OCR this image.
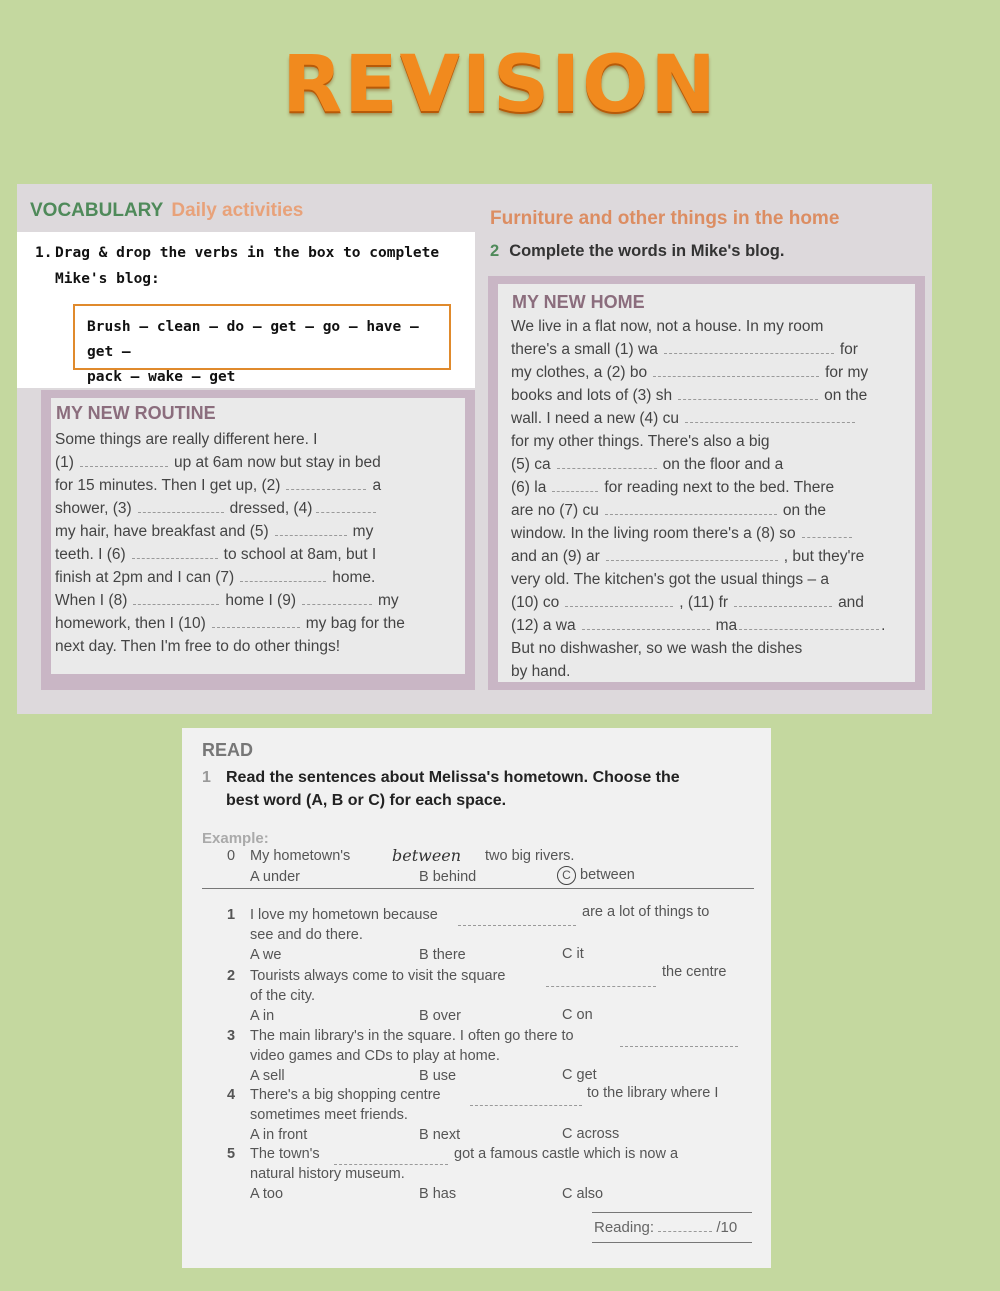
REVISION
VOCABULARY Daily activities	Furniture and other things in the home
1. Drag & drop the verbs in the box to complete
Mike's blog:
Brush – clean – do – get – go – have – get –
pack – wake – get
MY NEW ROUTINE
Some things are really different here. I
(1)	up at 6am now but stay in bed
for 15 minutes. Then I get up, (2)	a
shower, (3)	dressed, (4)
my hair, have breakfast and (5)	my
teeth. I (6)	to school at 8am, but I
finish at 2pm and I can (7)	home.
When I (8)	home I (9)	my
homework, then I (10)	my bag for the
next day. Then I'm free to do other things!
2 Complete the words in Mike's blog.
MY NEW HOME
We live in a flat now, not a house. In my room
there's a small (1) wa	for
my clothes, a (2) bo	for my
books and lots of (3) sh	on the
wall. I need a new (4) cu
for my other things. There's also a big
(5) ca	on the floor and a
(6) la	for reading next to the bed. There
are no (7) cu	on the
window. In the living room there's a (8) so
and an (9) ar	, but they're
very old. The kitchen's got the usual things – a
(10) co	, (11) fr	and
(12) a wa	ma	.
But no dishwasher, so we wash the dishes
by hand.
READ
1 Read the sentences about Melissa's hometown. Choose the
best word (A, B or C) for each space.
Example:
0 My hometown's	between two big rivers.
A under	B behind	C between
1 I love my hometown because	are a lot of things to
see and do there.
A we	B there	C it
2 Tourists always come to visit the square	the centre
of the city.
A in	B over	C on
3 The main library's in the square. I often go there to
video games and CDs to play at home.
A sell	B use	C get
4 There's a big shopping centre	to the library where I
sometimes meet friends.
A in front	B next	C across
5 The town's	got a famous castle which is now a
natural history museum.
A too	B has	C also
Reading:	/10
